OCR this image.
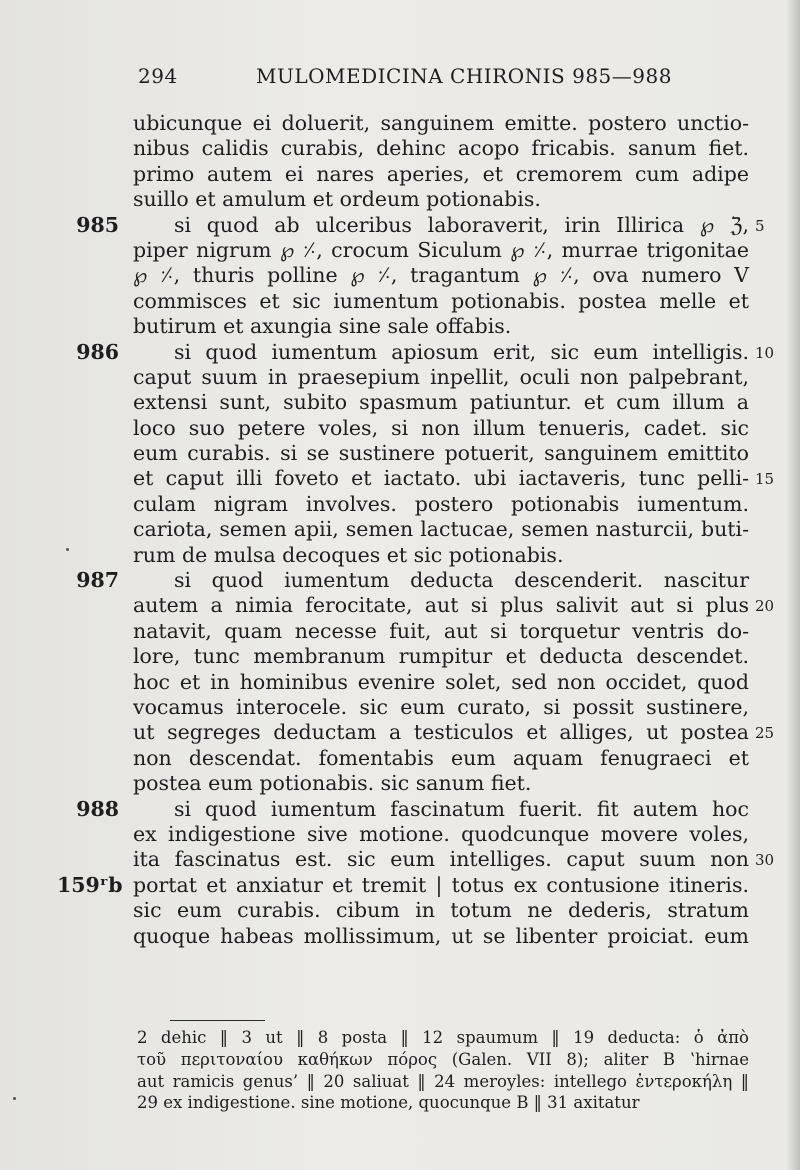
294	MULOMEDICINA CHIRONIS 985—988
ubicunque ei doluerit, sanguinem emitte. postero unctio-
nibus calidis curabis, dehinc acopo fricabis. sanum fiet.
primo autem ei nares aperies, et cremorem cum adipe
suillo et amulum et ordeum potionabis.
985	si quod ab ulceribus laboraverit, irin Illirica ℘ ℨ, 5
piper nigrum ℘ ⸓, crocum Siculum ℘ ⸓, murrae trigonitae
℘ ⸓, thuris polline ℘ ⸓, tragantum ℘ ⸓, ova numero V
commisces et sic iumentum potionabis. postea melle et
butirum et axungia sine sale offabis.
986	si quod iumentum apiosum erit, sic eum intelligis. 10
caput suum in praesepium inpellit, oculi non palpebrant,
extensi sunt, subito spasmum patiuntur. et cum illum a
loco suo petere voles, si non illum tenueris, cadet. sic
eum curabis. si se sustinere potuerit, sanguinem emittito
et caput illi foveto et iactato. ubi iactaveris, tunc pelli- 15
culam nigram involves. postero potionabis iumentum.
cariota, semen apii, semen lactucae, semen nasturcii, buti-
rum de mulsa decoques et sic potionabis.
987	si quod iumentum deducta descenderit. nascitur
autem a nimia ferocitate, aut si plus salivit aut si plus 20
natavit, quam necesse fuit, aut si torquetur ventris do-
lore, tunc membranum rumpitur et deducta descendet.
hoc et in hominibus evenire solet, sed non occidet, quod
vocamus interocele. sic eum curato, si possit sustinere,
ut segreges deductam a testiculos et alliges, ut postea 25
non descendat. fomentabis eum aquam fenugraeci et
postea eum potionabis. sic sanum fiet.
988	si quod iumentum fascinatum fuerit. fit autem hoc
ex indigestione sive motione. quodcunque movere voles,
ita fascinatus est. sic eum intelliges. caput suum non 30
159ʳb portat et anxiatur et tremit | totus ex contusione itineris.
sic eum curabis. cibum in totum ne dederis, stratum
quoque habeas mollissimum, ut se libenter proiciat. eum
2 dehic ‖ 3 ut ‖ 8 posta ‖ 12 spaumum ‖ 19 deducta: ὁ ἀπὸ
τοῦ περιτοναίου καθήκων πόρος (Galen. VII 8); aliter B ʽhirnae
aut ramicis genus’ ‖ 20 saliuat ‖ 24 meroyles: intellego ἐντεροκήλη ‖
29 ex indigestione. sine motione, quocunque B ‖ 31 axitatur
